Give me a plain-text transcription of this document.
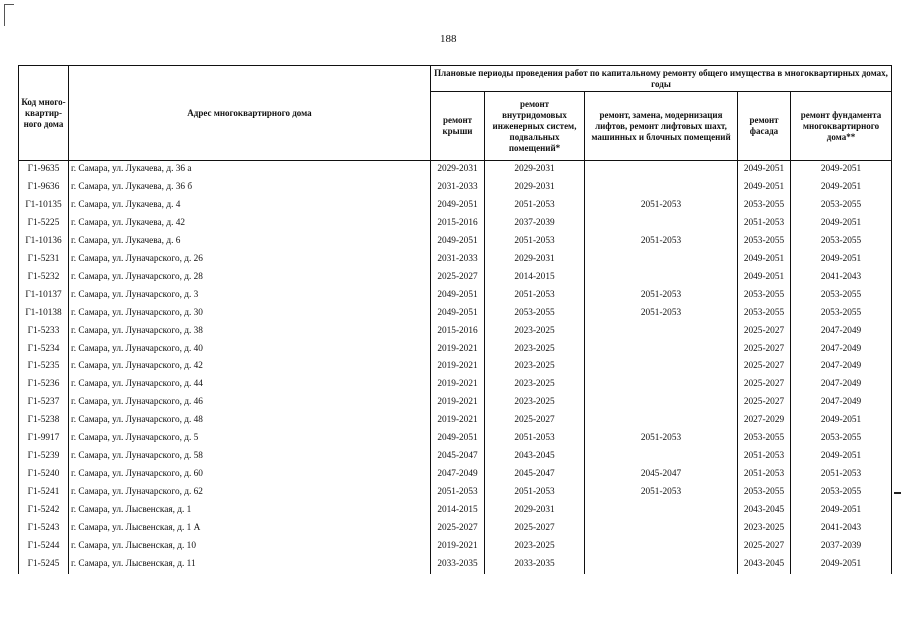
188
Код много-квартир-ного дома	Адрес многоквартирного дома	Плановые периоды проведения работ по капитальному ремонту общего имущества в многоквартирных домах, годы				
		ремонт крыши	ремонт внутридомовых инженерных систем, подвальных помещений*	ремонт, замена, модернизация лифтов, ремонт лифтовых шахт, машинных и блочных помещений	ремонт фасада	ремонт фундамента многоквартирного дома**
Г1-9635	г. Самара, ул. Лукачева, д. 36 а	2029-2031	2029-2031		2049-2051	2049-2051
Г1-9636	г. Самара, ул. Лукачева, д. 36 б	2031-2033	2029-2031		2049-2051	2049-2051
Г1-10135	г. Самара, ул. Лукачева, д. 4	2049-2051	2051-2053	2051-2053	2053-2055	2053-2055
Г1-5225	г. Самара, ул. Лукачева, д. 42	2015-2016	2037-2039		2051-2053	2049-2051
Г1-10136	г. Самара, ул. Лукачева, д. 6	2049-2051	2051-2053	2051-2053	2053-2055	2053-2055
Г1-5231	г. Самара, ул. Луначарского, д. 26	2031-2033	2029-2031		2049-2051	2049-2051
Г1-5232	г. Самара, ул. Луначарского, д. 28	2025-2027	2014-2015		2049-2051	2041-2043
Г1-10137	г. Самара, ул. Луначарского, д. 3	2049-2051	2051-2053	2051-2053	2053-2055	2053-2055
Г1-10138	г. Самара, ул. Луначарского, д. 30	2049-2051	2053-2055	2051-2053	2053-2055	2053-2055
Г1-5233	г. Самара, ул. Луначарского, д. 38	2015-2016	2023-2025		2025-2027	2047-2049
Г1-5234	г. Самара, ул. Луначарского, д. 40	2019-2021	2023-2025		2025-2027	2047-2049
Г1-5235	г. Самара, ул. Луначарского, д. 42	2019-2021	2023-2025		2025-2027	2047-2049
Г1-5236	г. Самара, ул. Луначарского, д. 44	2019-2021	2023-2025		2025-2027	2047-2049
Г1-5237	г. Самара, ул. Луначарского, д. 46	2019-2021	2023-2025		2025-2027	2047-2049
Г1-5238	г. Самара, ул. Луначарского, д. 48	2019-2021	2025-2027		2027-2029	2049-2051
Г1-9917	г. Самара, ул. Луначарского, д. 5	2049-2051	2051-2053	2051-2053	2053-2055	2053-2055
Г1-5239	г. Самара, ул. Луначарского, д. 58	2045-2047	2043-2045		2051-2053	2049-2051
Г1-5240	г. Самара, ул. Луначарского, д. 60	2047-2049	2045-2047	2045-2047	2051-2053	2051-2053
Г1-5241	г. Самара, ул. Луначарского, д. 62	2051-2053	2051-2053	2051-2053	2053-2055	2053-2055
Г1-5242	г. Самара, ул. Лысвенская, д. 1	2014-2015	2029-2031		2043-2045	2049-2051
Г1-5243	г. Самара, ул. Лысвенская, д. 1 А	2025-2027	2025-2027		2023-2025	2041-2043
Г1-5244	г. Самара, ул. Лысвенская, д. 10	2019-2021	2023-2025		2025-2027	2037-2039
Г1-5245	г. Самара, ул. Лысвенская, д. 11	2033-2035	2033-2035		2043-2045	2049-2051
